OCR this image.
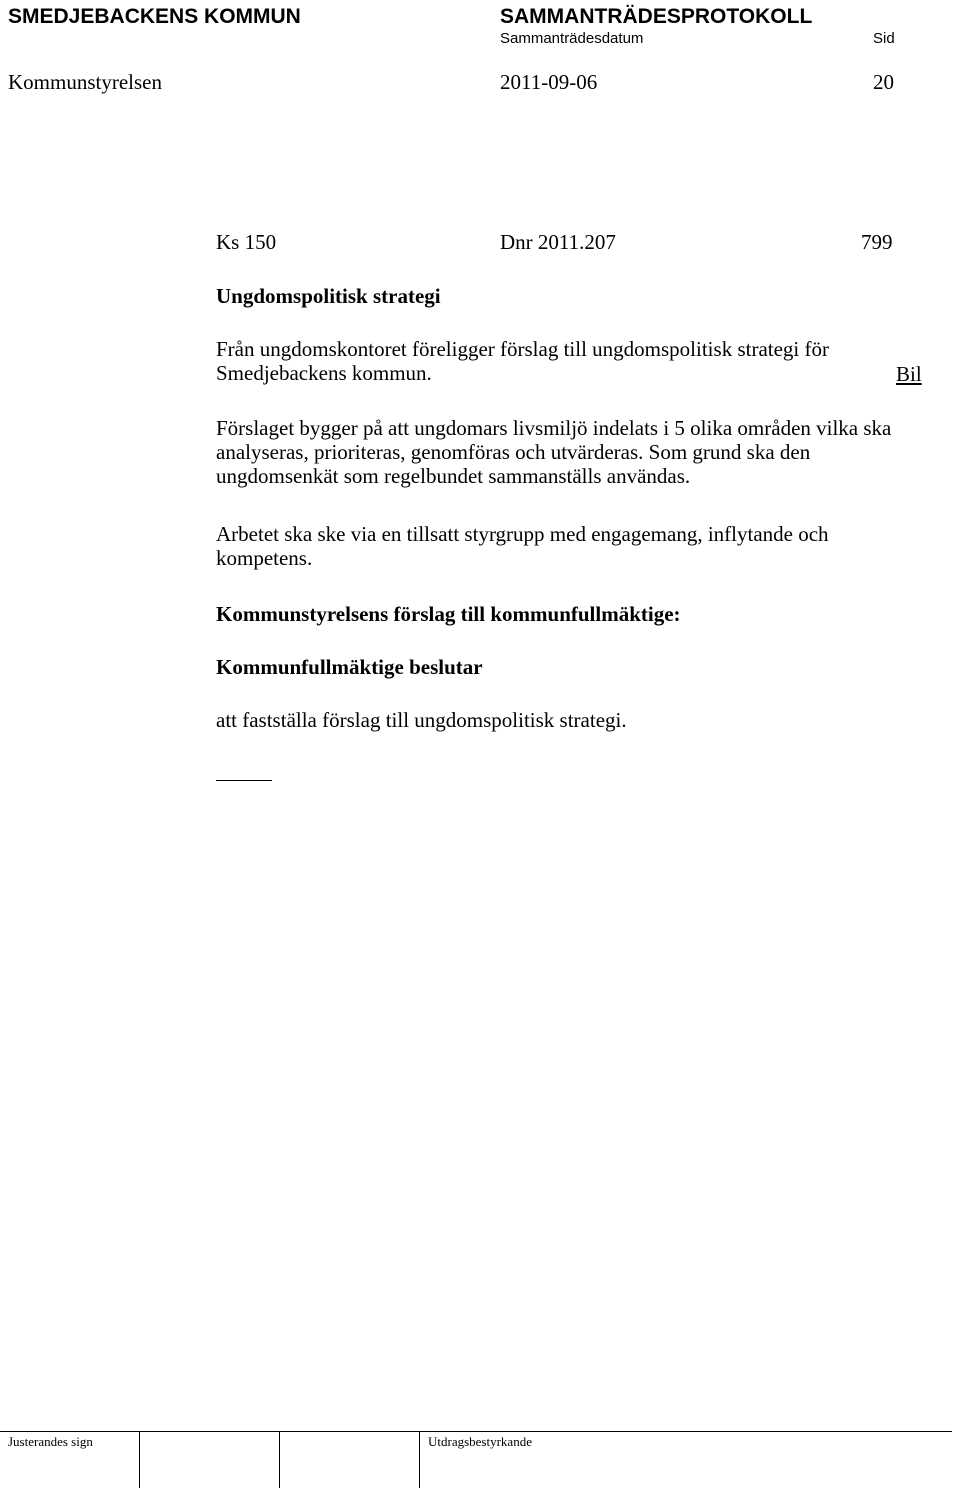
SMEDJEBACKENS KOMMUN	SAMMANTRÄDESPROTOKOLL
Sammanträdesdatum	Sid
Kommunstyrelsen	2011-09-06	20
Ks 150	Dnr 2011.207	799
Ungdomspolitisk strategi
Från ungdomskontoret föreligger förslag till ungdomspolitisk strategi för
Smedjebackens kommun.	Bil
Förslaget bygger på att ungdomars livsmiljö indelats i 5 olika områden vilka ska
analyseras, prioriteras, genomföras och utvärderas. Som grund ska den
ungdomsenkät som regelbundet sammanställs användas.
Arbetet ska ske via en tillsatt styrgrupp med engagemang, inflytande och
kompetens.
Kommunstyrelsens förslag till kommunfullmäktige:
Kommunfullmäktige beslutar
att fastställa förslag till ungdomspolitisk strategi.
Justerandes sign	Utdragsbestyrkande
